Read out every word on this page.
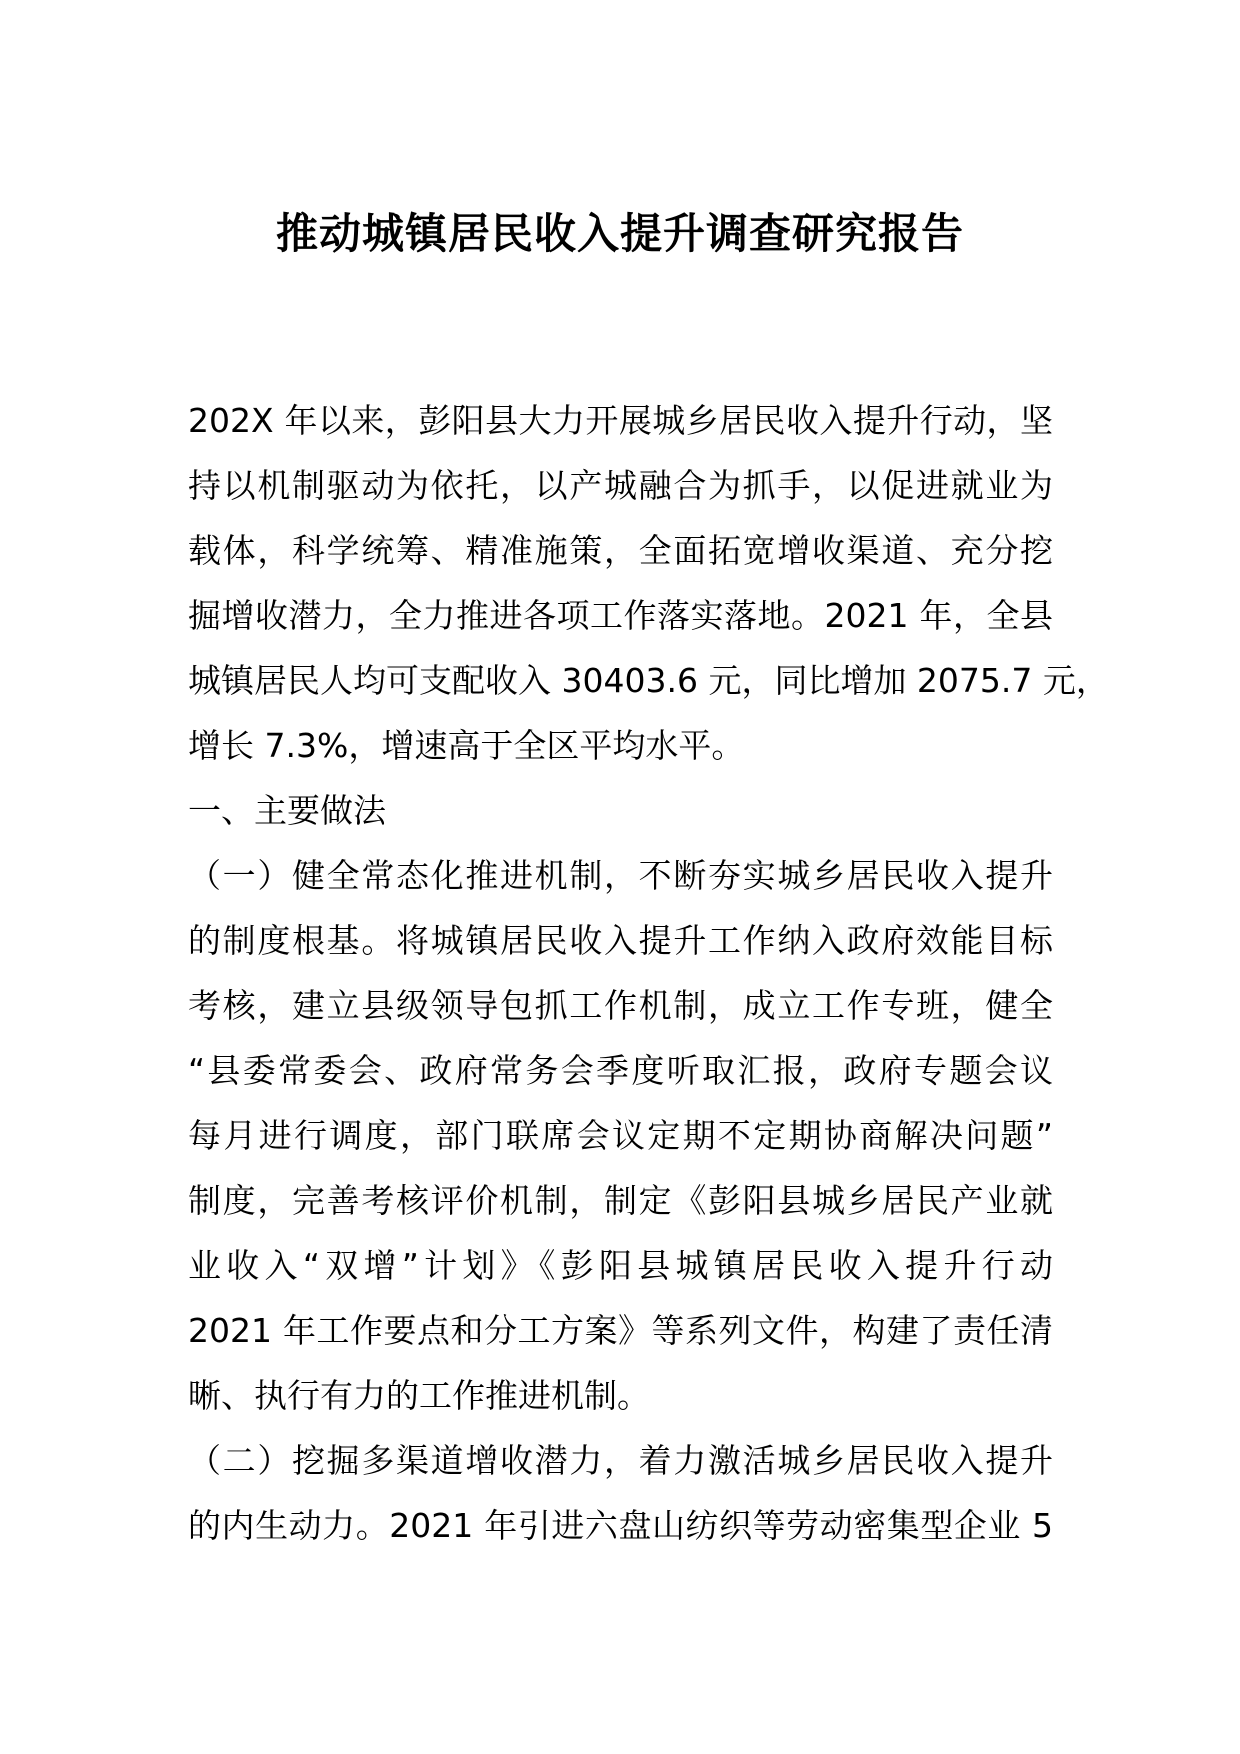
推动城镇居民收入提升调查研究报告
202X 年以来，彭阳县大力开展城乡居民收入提升行动，坚
持以机制驱动为依托，以产城融合为抓手，以促进就业为
载体，科学统筹、精准施策，全面拓宽增收渠道、充分挖
掘增收潜力，全力推进各项工作落实落地。2021 年，全县
城镇居民人均可支配收入 30403.6 元，同比增加 2075.7 元，
增长 7.3%，增速高于全区平均水平。
一、主要做法
（一）健全常态化推进机制，不断夯实城乡居民收入提升
的制度根基。将城镇居民收入提升工作纳入政府效能目标
考核，建立县级领导包抓工作机制，成立工作专班，健全
“县委常委会、政府常务会季度听取汇报，政府专题会议
每月进行调度，部门联席会议定期不定期协商解决问题”
制度，完善考核评价机制，制定《彭阳县城乡居民产业就
业收入“双增”计划》《彭阳县城镇居民收入提升行动
2021 年工作要点和分工方案》等系列文件，构建了责任清
晰、执行有力的工作推进机制。
（二）挖掘多渠道增收潜力，着力激活城乡居民收入提升
的内生动力。2021 年引进六盘山纺织等劳动密集型企业 5
